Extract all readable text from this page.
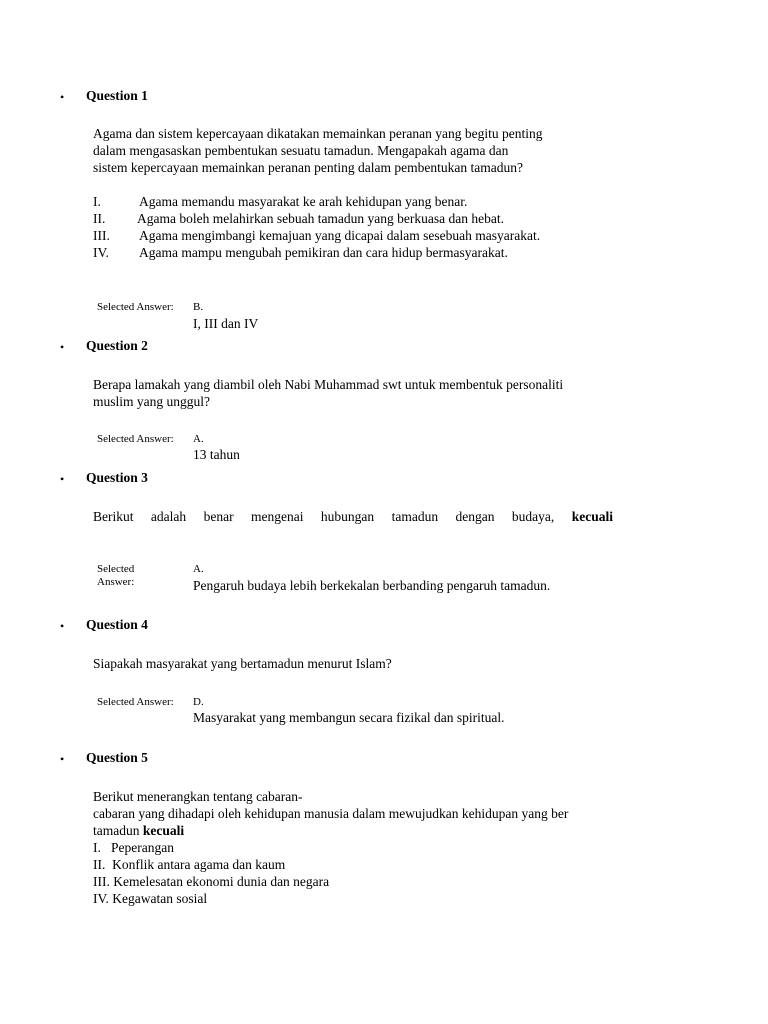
• Question 1
Agama dan sistem kepercayaan dikatakan memainkan peranan yang begitu penting
dalam mengasaskan pembentukan sesuatu tamadun. Mengapakah agama dan
sistem kepercayaan memainkan peranan penting dalam pembentukan tamadun?
I.	Agama memandu masyarakat ke arah kehidupan yang benar.
II. Agama boleh melahirkan sebuah tamadun yang berkuasa dan hebat.
III. Agama mengimbangi kemajuan yang dicapai dalam sesebuah masyarakat.
IV. Agama mampu mengubah pemikiran dan cara hidup bermasyarakat.
Selected Answer: B.
I, III dan IV
• Question 2
Berapa lamakah yang diambil oleh Nabi Muhammad swt untuk membentuk personaliti
muslim yang unggul?
Selected Answer: A.
13 tahun
• Question 3
Berikut adalah benar mengenai hubungan tamadun dengan budaya, kecuali
Selected
Answer:
A.
Pengaruh budaya lebih berkekalan berbanding pengaruh tamadun.
• Question 4
Siapakah masyarakat yang bertamadun menurut Islam?
Selected Answer: D.
Masyarakat yang membangun secara fizikal dan spiritual.
• Question 5
Berikut menerangkan tentang cabaran-
cabaran yang dihadapi oleh kehidupan manusia dalam mewujudkan kehidupan yang ber
tamadun kecuali
I.   Peperangan
II.  Konflik antara agama dan kaum
III. Kemelesatan ekonomi dunia dan negara
IV. Kegawatan sosial
